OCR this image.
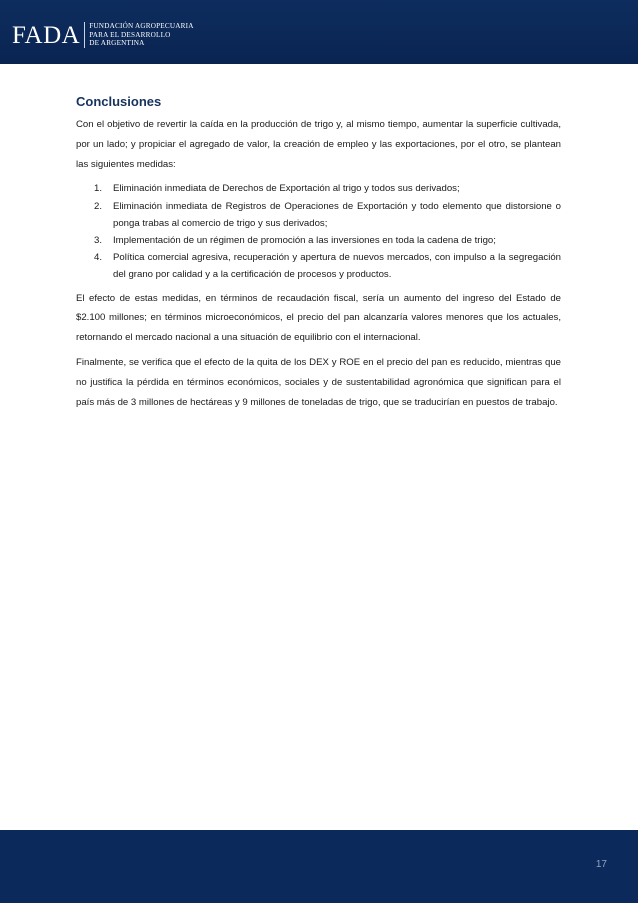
FADA FUNDACIÓN AGROPECUARIA
PARA EL DESARROLLO
DE ARGENTINA
Conclusiones

Con el objetivo de revertir la caída en la producción de trigo y, al mismo tiempo, aumentar la superficie cultivada, por un lado; y propiciar el agregado de valor, la creación de empleo y las exportaciones, por el otro, se plantean las siguientes medidas:

1. Eliminación inmediata de Derechos de Exportación al trigo y todos sus derivados;
2. Eliminación inmediata de Registros de Operaciones de Exportación y todo elemento que distorsione o ponga trabas al comercio de trigo y sus derivados;
3. Implementación de un régimen de promoción a las inversiones en toda la cadena de trigo;
4. Política comercial agresiva, recuperación y apertura de nuevos mercados, con impulso a la segregación del grano por calidad y a la certificación de procesos y productos.

El efecto de estas medidas, en términos de recaudación fiscal, sería un aumento del ingreso del Estado de $2.100 millones; en términos microeconómicos, el precio del pan alcanzaría valores menores que los actuales, retornando el mercado nacional a una situación de equilibrio con el internacional.

Finalmente, se verifica que el efecto de la quita de los DEX y ROE en el precio del pan es reducido, mientras que no justifica la pérdida en términos económicos, sociales y de sustentabilidad agronómica que significan para el país más de 3 millones de hectáreas y 9 millones de toneladas de trigo, que se traducirían en puestos de trabajo.

17
